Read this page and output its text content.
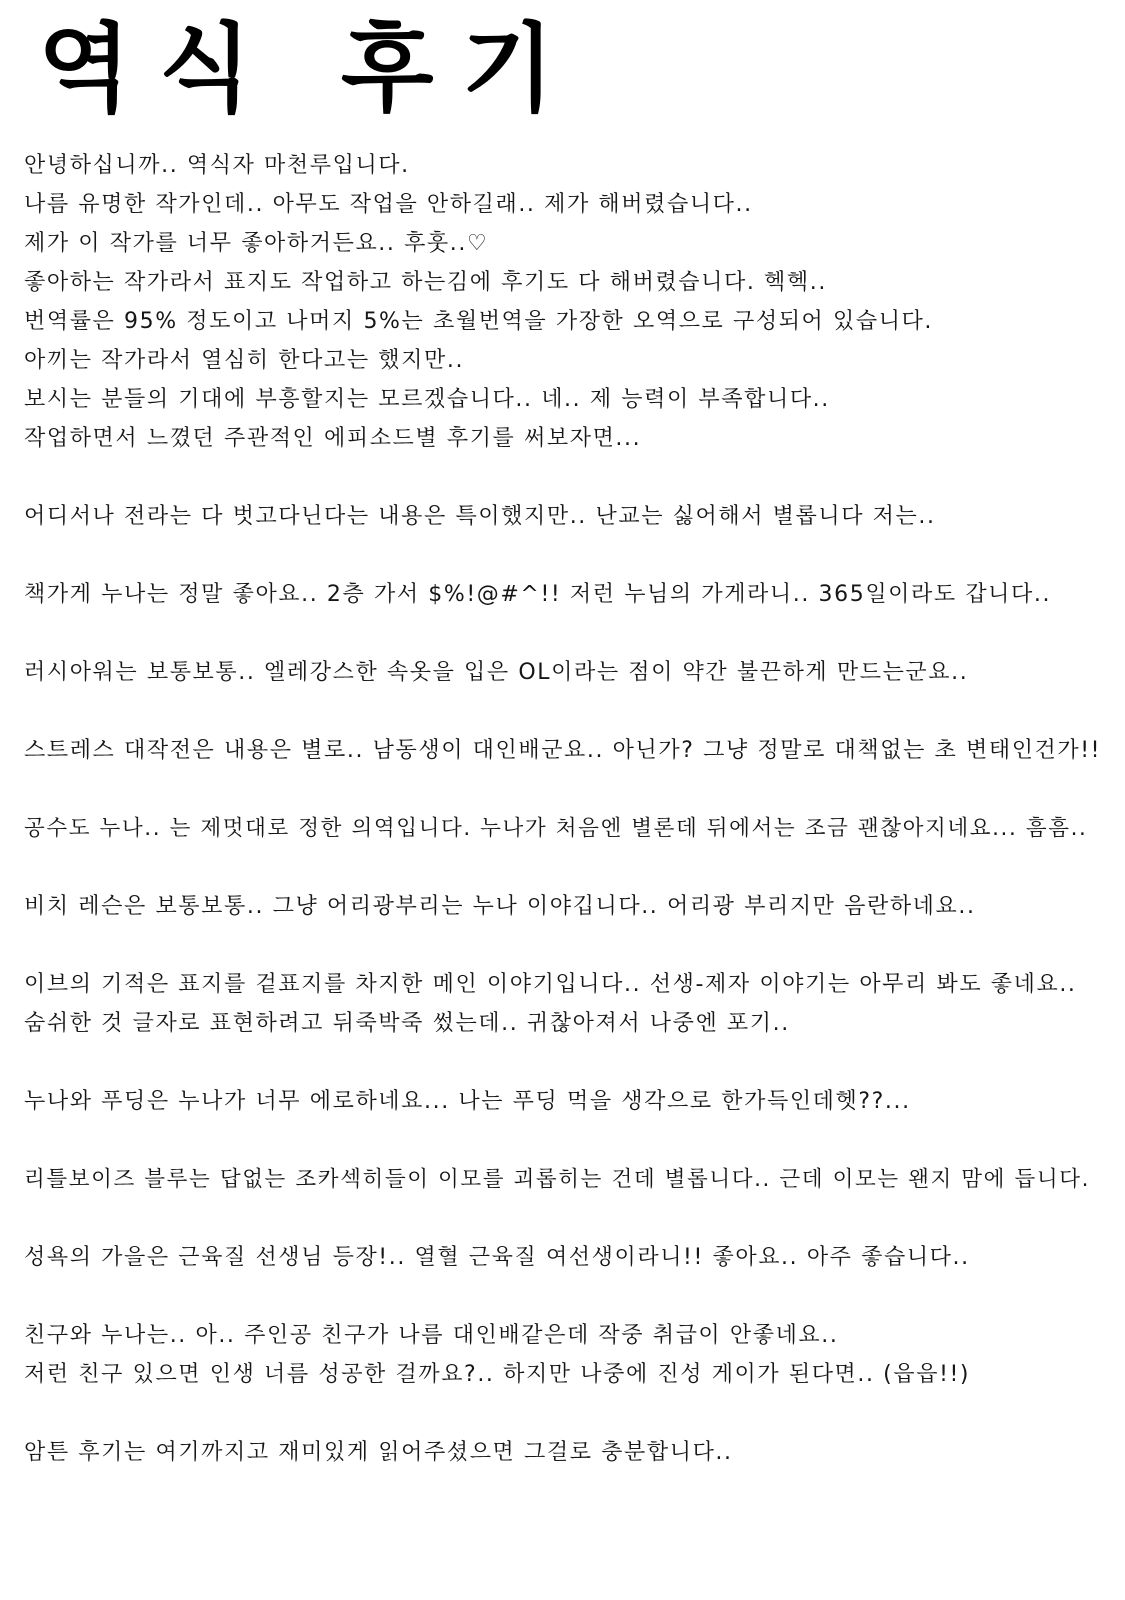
역식 후기

안녕하십니까.. 역식자 마천루입니다.

나름 유명한 작가인데.. 아무도 작업을 안하길래.. 제가 해버렸습니다..

제가 이 작가를 너무 좋아하거든요.. 후훗..♡

좋아하는 작가라서 표지도 작업하고 하는김에 후기도 다 해버렸습니다. 헥헥..

번역률은 95% 정도이고 나머지 5%는 초월번역을 가장한 오역으로 구성되어 있습니다.

아끼는 작가라서 열심히 한다고는 했지만..

보시는 분들의 기대에 부흥할지는 모르겠습니다.. 네.. 제 능력이 부족합니다..

작업하면서 느꼈던 주관적인 에피소드별 후기를 써보자면...

어디서나 전라는 다 벗고다닌다는 내용은 특이했지만.. 난교는 싫어해서 별롭니다 저는..

책가게 누나는 정말 좋아요.. 2층 가서 $%!@#^!! 저런 누님의 가게라니.. 365일이라도 갑니다..

러시아워는 보통보통.. 엘레강스한 속옷을 입은 OL이라는 점이 약간 불끈하게 만드는군요..

스트레스 대작전은 내용은 별로.. 남동생이 대인배군요.. 아닌가? 그냥 정말로 대책없는 초 변태인건가!!

공수도 누나.. 는 제멋대로 정한 의역입니다. 누나가 처음엔 별론데 뒤에서는 조금 괜찮아지네요... 흠흠..

비치 레슨은 보통보통.. 그냥 어리광부리는 누나 이야깁니다.. 어리광 부리지만 음란하네요..

이브의 기적은 표지를 겉표지를 차지한 메인 이야기입니다.. 선생-제자 이야기는 아무리 봐도 좋네요..

숨쉬한 것 글자로 표현하려고 뒤죽박죽 썼는데.. 귀찮아져서 나중엔 포기..

누나와 푸딩은 누나가 너무 에로하네요... 나는 푸딩 먹을 생각으로 한가득인데헷??...

리틀보이즈 블루는 답없는 조카섹히들이 이모를 괴롭히는 건데 별롭니다.. 근데 이모는 왠지 맘에 듭니다.

성욕의 가을은 근육질 선생님 등장!.. 열혈 근육질 여선생이라니!! 좋아요.. 아주 좋습니다..

친구와 누나는.. 아.. 주인공 친구가 나름 대인배같은데 작중 취급이 안좋네요..

저런 친구 있으면 인생 너름 성공한 걸까요?.. 하지만 나중에 진성 게이가 된다면.. (읍읍!!)

암튼 후기는 여기까지고 재미있게 읽어주셨으면 그걸로 충분합니다..
